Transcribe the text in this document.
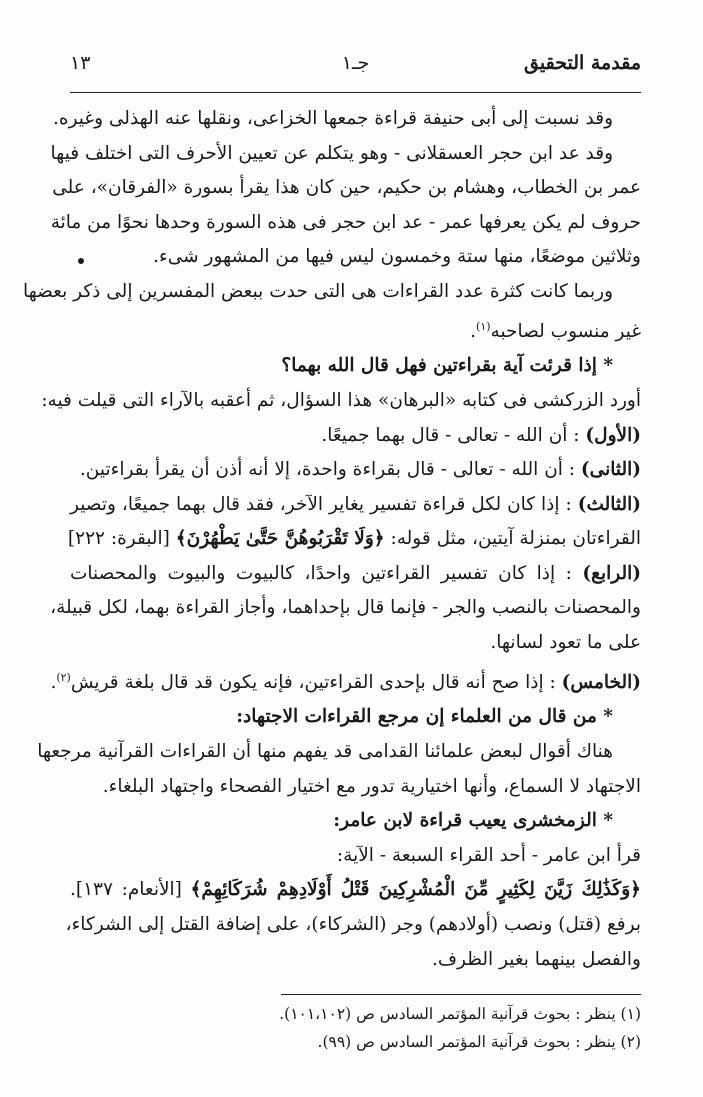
مقدمة التحقيق
جـ١
١٣
وقد نسبت إلى أبى حنيفة قراءة جمعها الخزاعى، ونقلها عنه الهذلى وغيره.
وقد عد ابن حجر العسقلانى - وهو يتكلم عن تعيين الأحرف التى اختلف فيها
عمر بن الخطاب، وهشام بن حكيم، حين كان هذا يقرأ بسورة «الفرقان»، على
حروف لم يكن يعرفها عمر - عد ابن حجر فى هذه السورة وحدها نحوًا من مائة
وثلاثين موضعًا، منها ستة وخمسون ليس فيها من المشهور شىء.
وربما كانت كثرة عدد القراءات هى التى حدت ببعض المفسرين إلى ذكر بعضها
غير منسوب لصاحبه$^{(١)}$.
* إذا قرئت آية بقراءتين فهل قال الله بهما؟
أورد الزركشى فى كتابه «البرهان» هذا السؤال، ثم أعقبه بالآراء التى قيلت فيه:
(الأول) : أن الله - تعالى - قال بهما جميعًا.
(الثانى) : أن الله - تعالى - قال بقراءة واحدة، إلا أنه أذن أن يقرأ بقراءتين.
(الثالث) : إذا كان لكل قراءة تفسير يغاير الآخر، فقد قال بهما جميعًا، وتصير
القراءتان بمنزلة آيتين، مثل قوله: ﴿وَلَا تَقْرَبُوهُنَّ حَتَّىٰ يَطْهُرْنَ﴾ [البقرة: ٢٢٢]
(الرابع) : إذا كان تفسير القراءتين واحدًا، كالبيوت والبيوت والمحصنات
والمحصنات بالنصب والجر - فإنما قال بإحداهما، وأجاز القراءة بهما، لكل قبيلة،
على ما تعود لسانها.
(الخامس) : إذا صح أنه قال بإحدى القراءتين، فإنه يكون قد قال بلغة قريش$^{(٢)}$.
* من قال من العلماء إن مرجع القراءات الاجتهاد:
هناك أقوال لبعض علمائنا القدامى قد يفهم منها أن القراءات القرآنية مرجعها
الاجتهاد لا السماع، وأنها اختيارية تدور مع اختيار الفصحاء واجتهاد البلغاء.
* الزمخشرى يعيب قراءة لابن عامر:
قرأ ابن عامر - أحد القراء السبعة - الآية:
﴿وَكَذَٰلِكَ زَيَّنَ لِكَثِيرٍ مِّنَ الْمُشْرِكِينَ قَتْلُ أَوْلَادِهِمْ شُرَكَائِهِمْ﴾ [الأنعام: ١٣٧].
برفع (قتل) ونصب (أولادهم) وجر (الشركاء)، على إضافة القتل إلى الشركاء،
والفصل بينهما بغير الظرف.
(١) ينظر : بحوث قرآنية المؤتمر السادس ص (١٠١،١٠٢).
(٢) ينظر : بحوث قرآنية المؤتمر السادس ص (٩٩).
